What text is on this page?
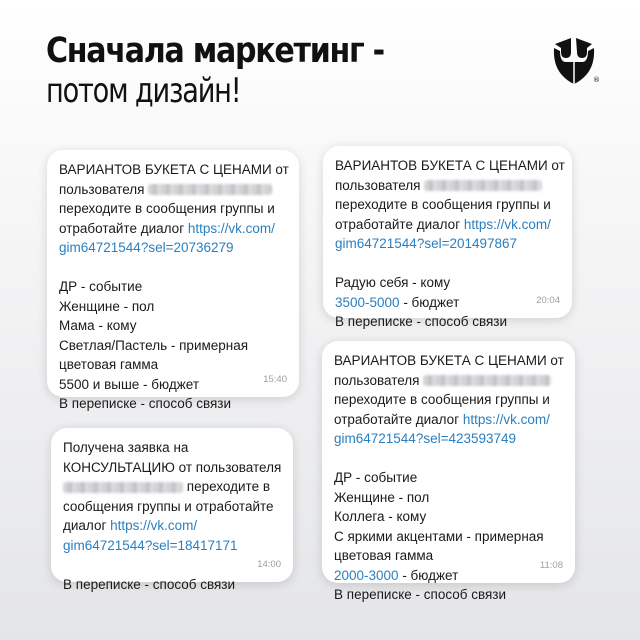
Сначала маркетинг -
потом дизайн!	®
ВАРИАНТОВ БУКЕТА С ЦЕНАМИ от
пользователя
переходите в сообщения группы и
отработайте диалог https://vk.com/
gim64721544?sel=20736279
ДР - событие
Женщине - пол
Мама - кому
Светлая/Пастель - примерная
цветовая гамма
5500 и выше - бюджет
В переписке - способ связи
15:40
ВАРИАНТОВ БУКЕТА С ЦЕНАМИ от
пользователя
переходите в сообщения группы и
отработайте диалог https://vk.com/
gim64721544?sel=201497867
Радую себя - кому
3500-5000 - бюджет
В переписке - способ связи
20:04
Получена заявка на
КОНСУЛЬТАЦИЮ от пользователя
переходите в
сообщения группы и отработайте
диалог https://vk.com/
gim64721544?sel=18417171
В переписке - способ связи
14:00
ВАРИАНТОВ БУКЕТА С ЦЕНАМИ от
пользователя
переходите в сообщения группы и
отработайте диалог https://vk.com/
gim64721544?sel=423593749
ДР - событие
Женщине - пол
Коллега - кому
С яркими акцентами - примерная
цветовая гамма
2000-3000 - бюджет
В переписке - способ связи
11:08
